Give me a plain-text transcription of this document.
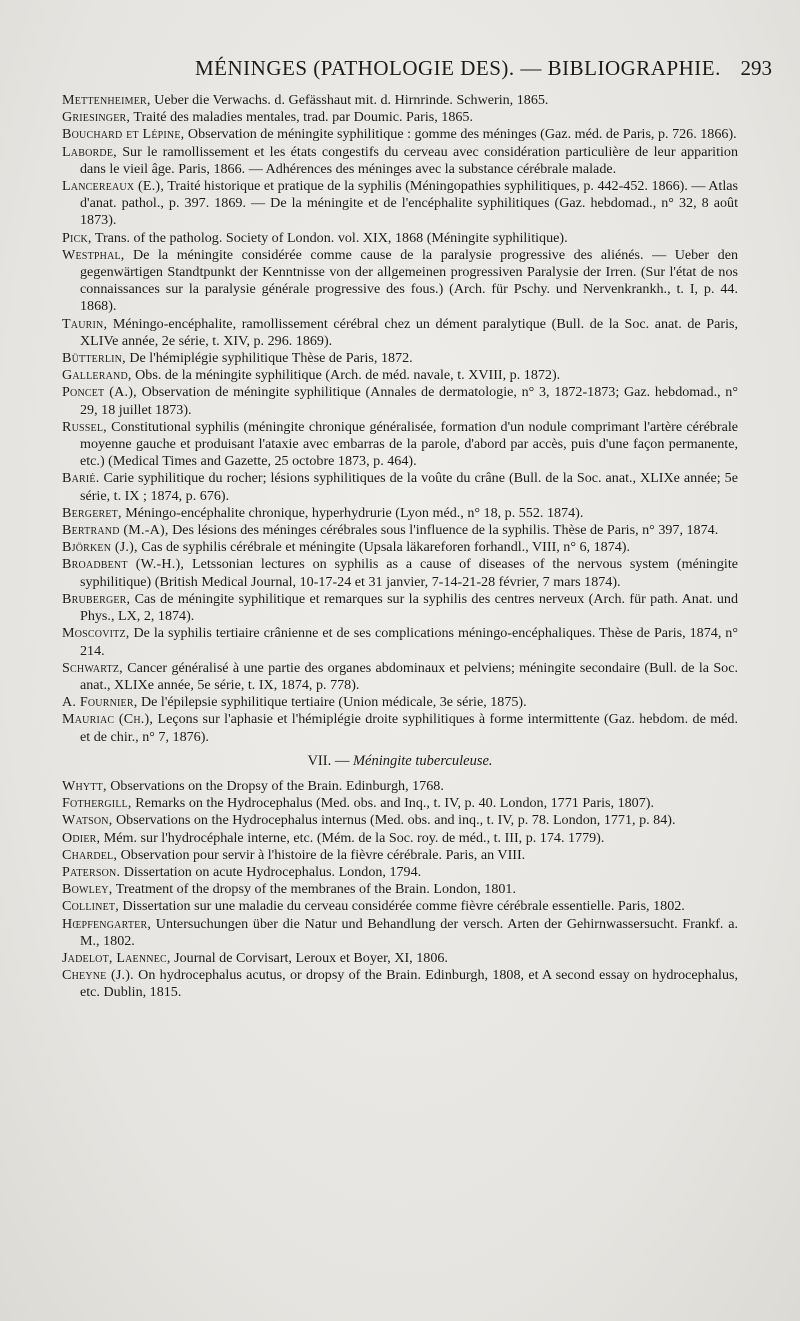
MÉNINGES (PATHOLOGIE DES). — BIBLIOGRAPHIE. 293

Mettenheimer, Ueber die Verwachs. d. Gefässhaut mit. d. Hirnrinde. Schwerin, 1865.

Griesinger, Traité des maladies mentales, trad. par Doumic. Paris, 1865.

Bouchard et Lépine, Observation de méningite syphilitique : gomme des méninges (Gaz. méd. de Paris, p. 726. 1866).

Laborde, Sur le ramollissement et les états congestifs du cerveau avec considération particulière de leur apparition dans le vieil âge. Paris, 1866. — Adhérences des méninges avec la substance cérébrale malade.

Lancereaux (E.), Traité historique et pratique de la syphilis (Méningopathies syphilitiques, p. 442-452. 1866). — Atlas d'anat. pathol., p. 397. 1869. — De la méningite et de l'encéphalite syphilitiques (Gaz. hebdomad., n° 32, 8 août 1873).

Pick, Trans. of the patholog. Society of London. vol. XIX, 1868 (Méningite syphilitique).

Westphal, De la méningite considérée comme cause de la paralysie progressive des aliénés. — Ueber den gegenwärtigen Standtpunkt der Kenntnisse von der allgemeinen progressiven Paralysie der Irren. (Sur l'état de nos connaissances sur la paralysie générale progressive des fous.) (Arch. für Pschy. und Nervenkrankh., t. I, p. 44. 1868).

Taurin, Méningo-encéphalite, ramollissement cérébral chez un dément paralytique (Bull. de la Soc. anat. de Paris, XLIVe année, 2e série, t. XIV, p. 296. 1869).

Bütterlin, De l'hémiplégie syphilitique Thèse de Paris, 1872.

Gallerand, Obs. de la méningite syphilitique (Arch. de méd. navale, t. XVIII, p. 1872).

Poncet (A.), Observation de méningite syphilitique (Annales de dermatologie, n° 3, 1872-1873; Gaz. hebdomad., n° 29, 18 juillet 1873).

Russel, Constitutional syphilis (méningite chronique généralisée, formation d'un nodule comprimant l'artère cérébrale moyenne gauche et produisant l'ataxie avec embarras de la parole, d'abord par accès, puis d'une façon permanente, etc.) (Medical Times and Gazette, 25 octobre 1873, p. 464).

Barié. Carie syphilitique du rocher; lésions syphilitiques de la voûte du crâne (Bull. de la Soc. anat., XLIXe année; 5e série, t. IX ; 1874, p. 676).

Bergeret, Méningo-encéphalite chronique, hyperhydrurie (Lyon méd., n° 18, p. 552. 1874).

Bertrand (M.-A), Des lésions des méninges cérébrales sous l'influence de la syphilis. Thèse de Paris, n° 397, 1874.

Björken (J.), Cas de syphilis cérébrale et méningite (Upsala läkareforen forhandl., VIII, n° 6, 1874).

Broadbent (W.-H.), Letssonian lectures on syphilis as a cause of diseases of the nervous system (méningite syphilitique) (British Medical Journal, 10-17-24 et 31 janvier, 7-14-21-28 février, 7 mars 1874).

Bruberger, Cas de méningite syphilitique et remarques sur la syphilis des centres nerveux (Arch. für path. Anat. und Phys., LX, 2, 1874).

Moscovitz, De la syphilis tertiaire crânienne et de ses complications méningo-encéphaliques. Thèse de Paris, 1874, n° 214.

Schwartz, Cancer généralisé à une partie des organes abdominaux et pelviens; méningite secondaire (Bull. de la Soc. anat., XLIXe année, 5e série, t. IX, 1874, p. 778).

A. Fournier, De l'épilepsie syphilitique tertiaire (Union médicale, 3e série, 1875).

Mauriac (Ch.), Leçons sur l'aphasie et l'hémiplégie droite syphilitiques à forme intermittente (Gaz. hebdom. de méd. et de chir., n° 7, 1876).

VII. — Méningite tuberculeuse.

Whytt, Observations on the Dropsy of the Brain. Edinburgh, 1768.

Fothergill, Remarks on the Hydrocephalus (Med. obs. and Inq., t. IV, p. 40. London, 1771 Paris, 1807).

Watson, Observations on the Hydrocephalus internus (Med. obs. and inq., t. IV, p. 78. London, 1771, p. 84).

Odier, Mém. sur l'hydrocéphale interne, etc. (Mém. de la Soc. roy. de méd., t. III, p. 174. 1779).

Chardel, Observation pour servir à l'histoire de la fièvre cérébrale. Paris, an VIII.

Paterson. Dissertation on acute Hydrocephalus. London, 1794.

Bowley, Treatment of the dropsy of the membranes of the Brain. London, 1801.

Collinet, Dissertation sur une maladie du cerveau considérée comme fièvre cérébrale essentielle. Paris, 1802.

Hœpfengarter, Untersuchungen über die Natur und Behandlung der versch. Arten der Gehirnwassersucht. Frankf. a. M., 1802.

Jadelot, Laennec, Journal de Corvisart, Leroux et Boyer, XI, 1806.

Cheyne (J.). On hydrocephalus acutus, or dropsy of the Brain. Edinburgh, 1808, et A second essay on hydrocephalus, etc. Dublin, 1815.
